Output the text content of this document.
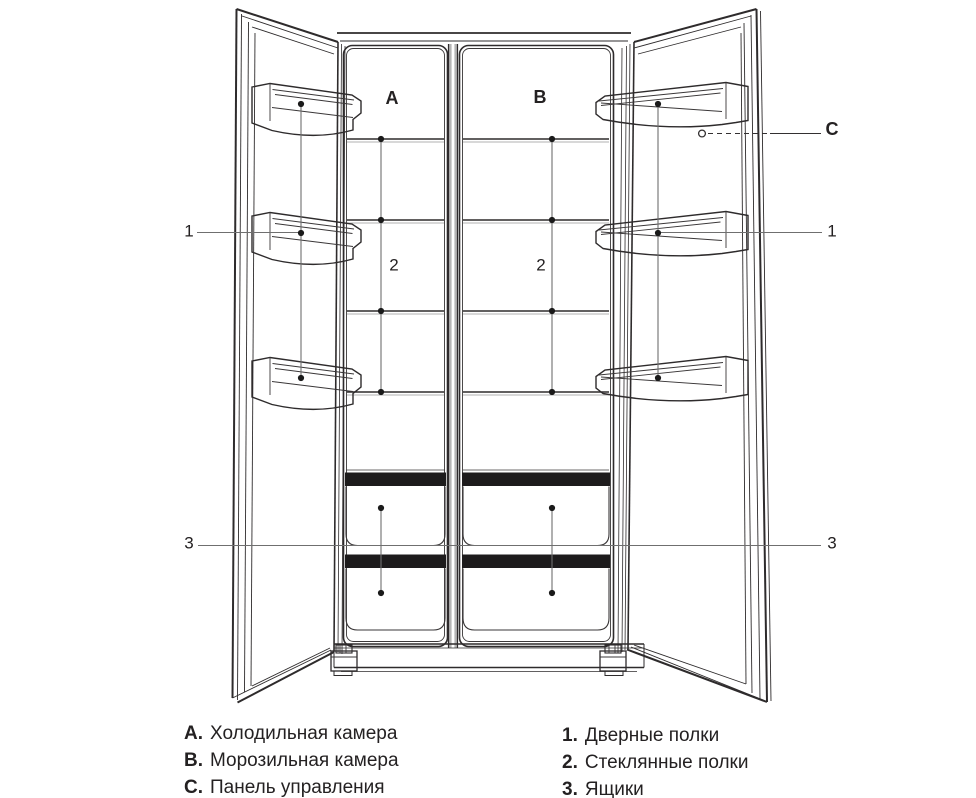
A	B
C
1	1
2	2
3	3
A. Холодильная камера
B. Морозильная камера
C. Панель управления
1. Дверные полки
2. Стеклянные полки
3. Ящики
